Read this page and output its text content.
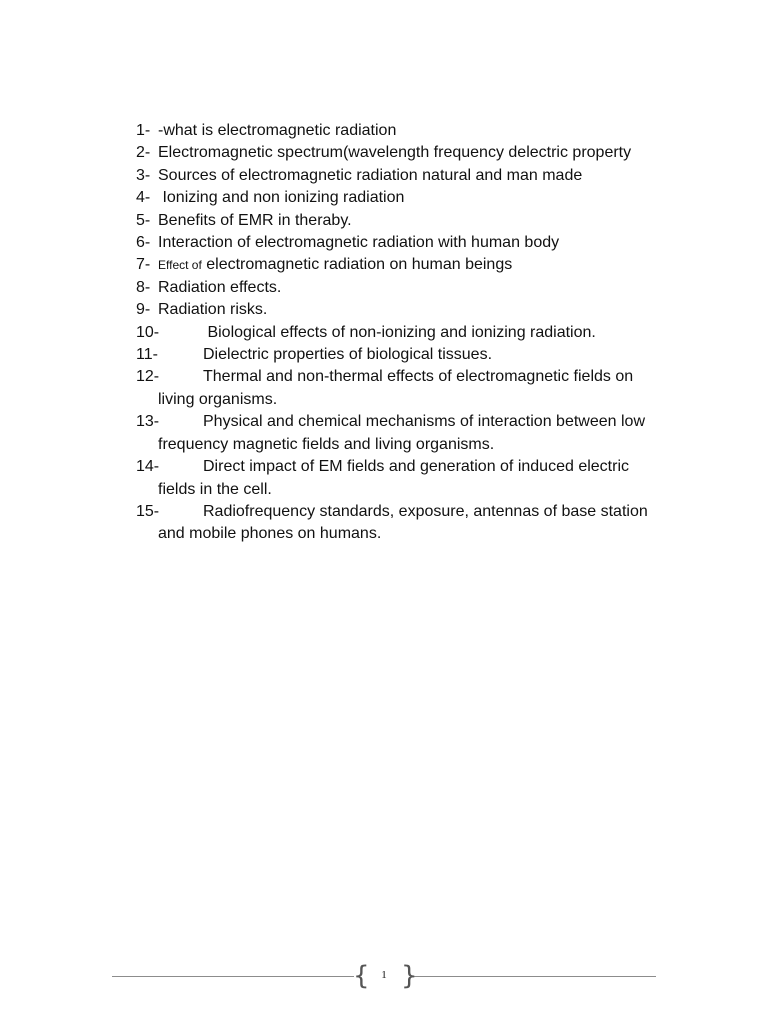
1- -what is electromagnetic radiation
2- Electromagnetic spectrum(wavelength frequency delectric property
3- Sources of electromagnetic radiation natural and man made
4- Ionizing and non ionizing radiation
5- Benefits of EMR in theraby.
6- Interaction of electromagnetic radiation with human body
7- Effect of electromagnetic radiation on human beings
8- Radiation effects.
9- Radiation risks.
10-	Biological effects of non-ionizing and ionizing radiation.
11-	Dielectric properties of biological tissues.
12-	Thermal and non-thermal effects of electromagnetic fields on living organisms.
13-	Physical and chemical mechanisms of interaction between low frequency magnetic fields and living organisms.
14-	Direct impact of EM fields and generation of induced electric fields in the cell.
15-	Radiofrequency standards, exposure, antennas of base station and mobile phones on humans.
{	1 }
